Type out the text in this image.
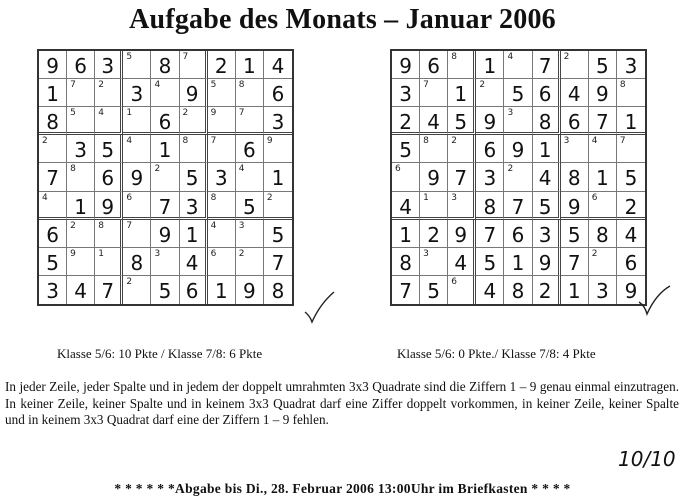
Aufgabe des Monats – Januar 2006
9 6 3	5	8	7	2 1 4
1	7 2	3	4	9	5 8	6
8	5 4 1	6	2 9 7	3
2	3 5	4	1	8 7	6	9
7	8	6 9	2	5 3	4	1
4	1 9	6	7 3	8	5	2
6	2 8 7	9 1	4 3	5
5	9 1	8	3	4	6 2	7
3 4 7	2	5 6 1 9 8
9 6	8	1	4	7	2	5 3
3	7	1	2	5 6 4 9	8
2 4 5 9	3	8 6 7 1
5	8 2	6 9 1	3 4 7
6	9 7 3	2	4 8 1 5
4	1 3	8 7 5 9	6	2
1 2 9 7 6 3 5 8 4
8	3	4 5 1 9 7	2	6
7 5	6	4 8 2 1 3 9
Klasse 5/6: 10 Pkte / Klasse 7/8: 6 Pkte	Klasse 5/6: 0 Pkte./ Klasse 7/8: 4 Pkte
In jeder Zeile, jeder Spalte und in jedem der doppelt umrahmten 3x3 Quadrate sind die Ziffern 1 – 9 genau einmal einzutragen. In keiner Zeile, keiner Spalte und in keinem 3x3 Quadrat darf eine Ziffer doppelt vorkommen, in keiner Zeile, keiner Spalte und in keinem 3x3 Quadrat darf eine der Ziffern 1 – 9 fehlen.
10/10
* * * * * *Abgabe bis Di., 28. Februar 2006 13:00Uhr im Briefkasten * * * *
